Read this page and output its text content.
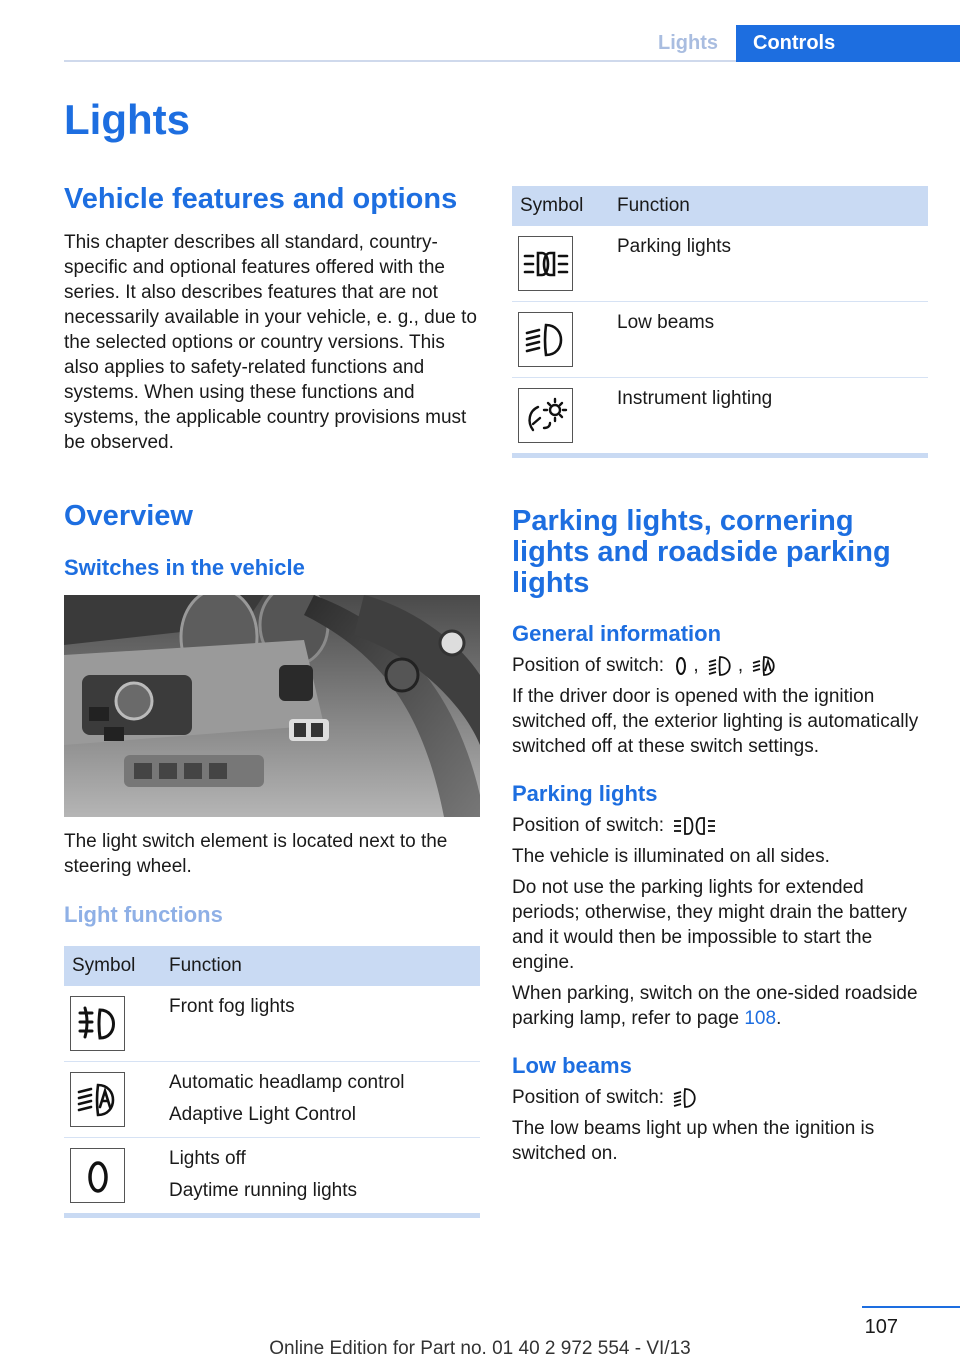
Lights	Controls
Lights
Vehicle features and options

This chapter describes all standard, country-specific and optional features offered with the series. It also describes features that are not necessarily available in your vehicle, e. g., due to the selected options or country versions. This also applies to safety-related functions and systems. When using these functions and systems, the applicable country provisions must be observed.

Overview
Switches in the vehicle

The light switch element is located next to the steering wheel.

Light functions
Symbol	Function

Front fog lights

Automatic headlamp control
Adaptive Light Control

Lights off
Daytime running lights
Symbol	Function

Parking lights

Low beams

Instrument lighting
Parking lights, cornering lights and roadside parking lights
General information

Position of switch: , ,

If the driver door is opened with the ignition switched off, the exterior lighting is automatically switched off at these switch settings.

Parking lights

Position of switch:

The vehicle is illuminated on all sides.

Do not use the parking lights for extended periods; otherwise, they might drain the battery and it would then be impossible to start the engine.

When parking, switch on the one-sided roadside parking lamp, refer to page 108.

Low beams

Position of switch:

The low beams light up when the ignition is switched on.

107
Online Edition for Part no. 01 40 2 972 554 - VI/13
